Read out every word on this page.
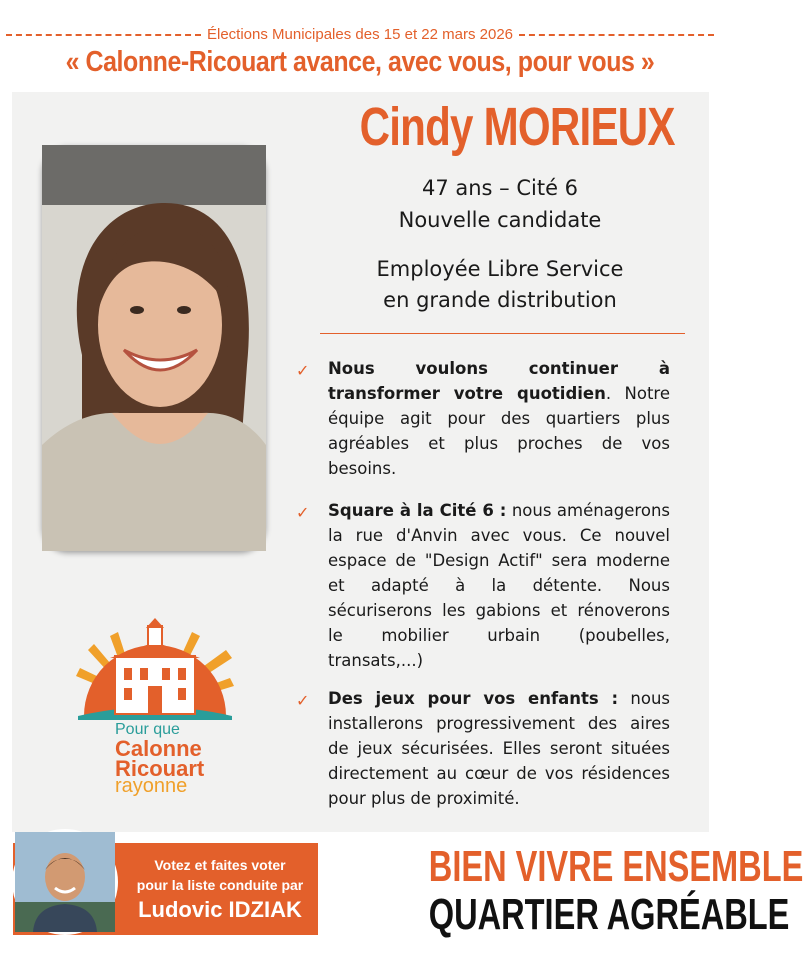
Élections Municipales des 15 et 22 mars 2026
« Calonne-Ricouart avance, avec vous, pour vous »
Cindy MORIEUX
47 ans – Cité 6
Nouvelle candidate
Employée Libre Service
en grande distribution
✓	Nous voulons continuer à transformer votre quotidien. Notre équipe agit pour des quartiers plus agréables et plus proches de vos besoins.

✓	Square à la Cité 6 : nous aménagerons la rue d'Anvin avec vous. Ce nouvel espace de "Design Actif" sera moderne et adapté à la détente. Nous sécuriserons les gabions et rénoverons le mobilier urbain (poubelles, transats,...)

✓	Des jeux pour vos enfants : nous installerons progressivement des aires de jeux sécurisées. Elles seront situées directement au cœur de vos résidences pour plus de proximité.

Pour que
Calonne
Ricouart
rayonne
Votez et faites voter
pour la liste conduite par
Ludovic IDZIAK
BIEN VIVRE ENSEMBLE
QUARTIER AGRÉABLE
